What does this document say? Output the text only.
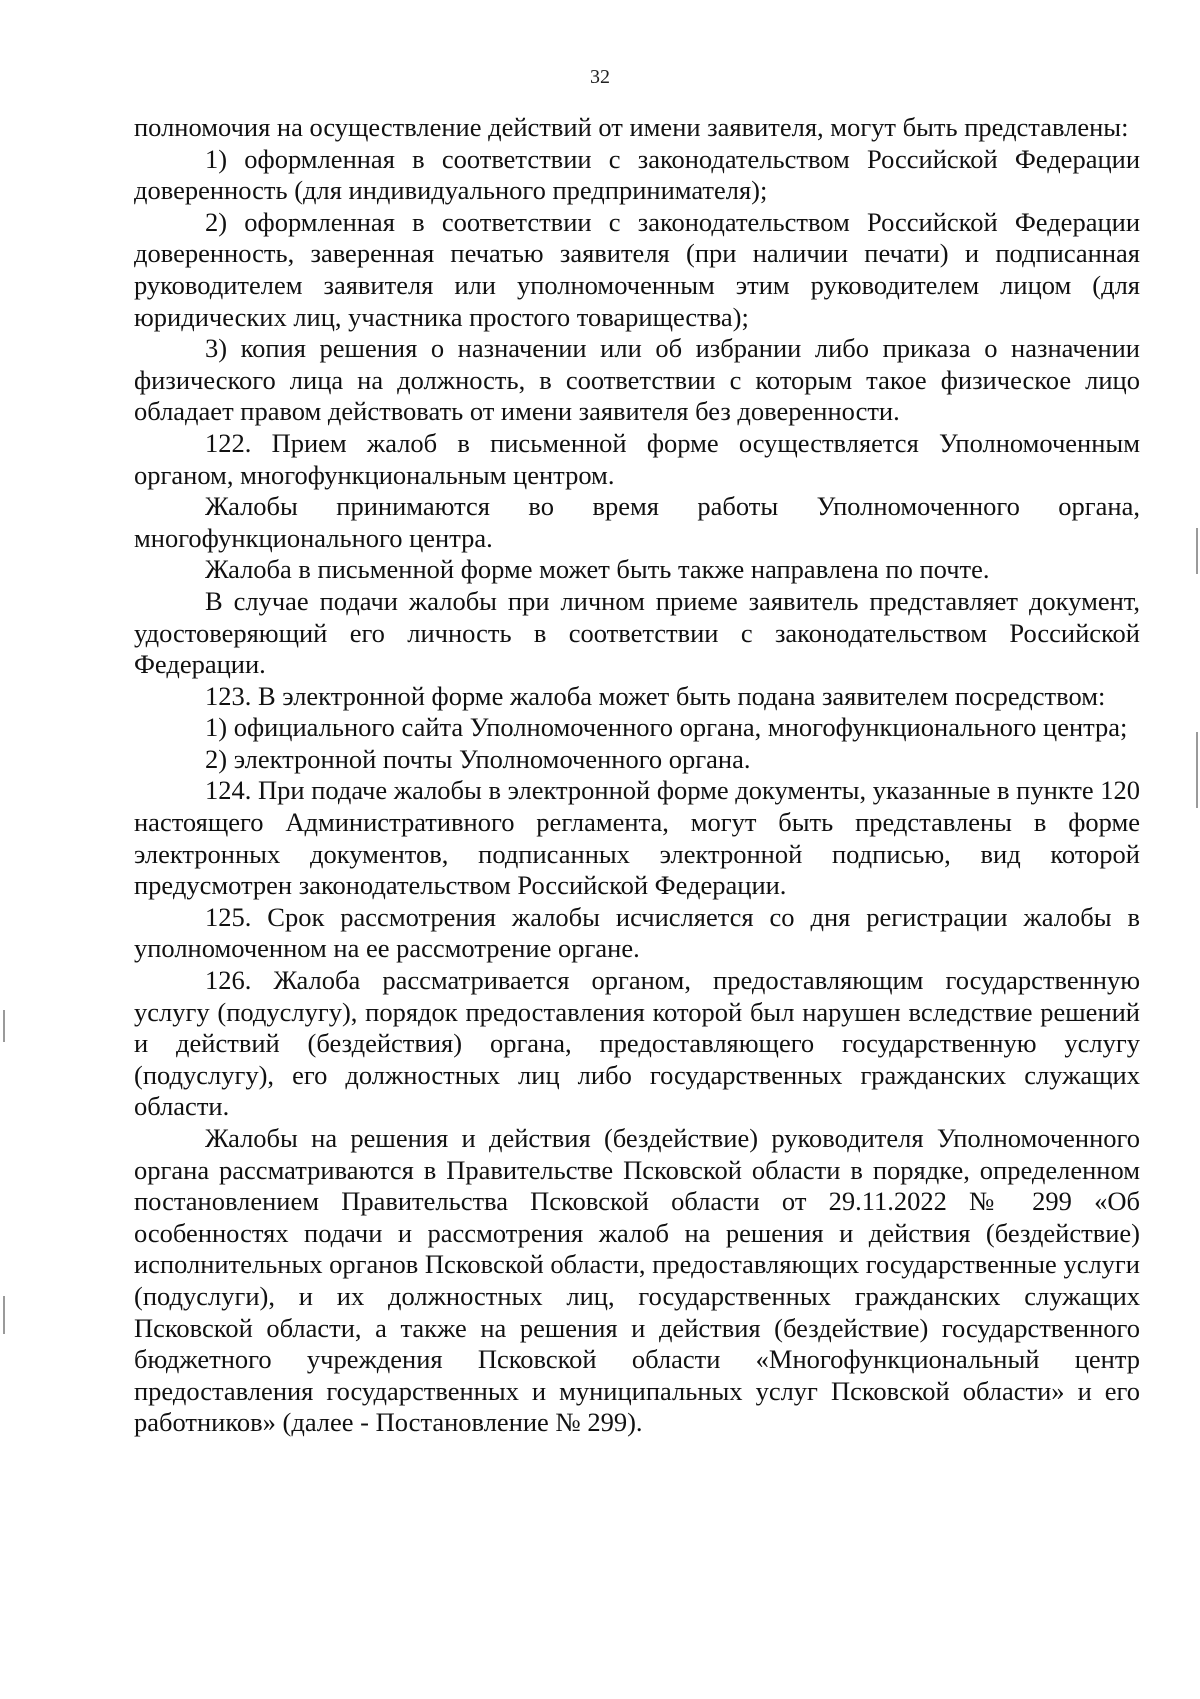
32

полномочия на осуществление действий от имени заявителя, могут быть представлены:

1) оформленная в соответствии с законодательством Российской Федерации доверенность (для индивидуального предпринимателя);

2) оформленная в соответствии с законодательством Российской Федерации доверенность, заверенная печатью заявителя (при наличии печати) и подписанная руководителем заявителя или уполномоченным этим руководителем лицом (для юридических лиц, участника простого товарищества);

3) копия решения о назначении или об избрании либо приказа о назначении физического лица на должность, в соответствии с которым такое физическое лицо обладает правом действовать от имени заявителя без доверенности.

122. Прием жалоб в письменной форме осуществляется Уполномоченным органом, многофункциональным центром.

Жалобы принимаются во время работы Уполномоченного органа, многофункционального центра.

Жалоба в письменной форме может быть также направлена по почте.

В случае подачи жалобы при личном приеме заявитель представляет документ, удостоверяющий его личность в соответствии с законодательством Российской Федерации.

123. В электронной форме жалоба может быть подана заявителем посредством:

1) официального сайта Уполномоченного органа, многофункционального центра;

2) электронной почты Уполномоченного органа.

124. При подаче жалобы в электронной форме документы, указанные в пункте 120 настоящего Административного регламента, могут быть представлены в форме электронных документов, подписанных электронной подписью, вид которой предусмотрен законодательством Российской Федерации.

125. Срок рассмотрения жалобы исчисляется со дня регистрации жалобы в уполномоченном на ее рассмотрение органе.

126. Жалоба рассматривается органом, предоставляющим государственную услугу (подуслугу), порядок предоставления которой был нарушен вследствие решений и действий (бездействия) органа, предоставляющего государственную услугу (подуслугу), его должностных лиц либо государственных гражданских служащих области.

Жалобы на решения и действия (бездействие) руководителя Уполномоченного органа рассматриваются в Правительстве Псковской области в порядке, определенном постановлением Правительства Псковской области от 29.11.2022 № 299 «Об особенностях подачи и рассмотрения жалоб на решения и действия (бездействие) исполнительных органов Псковской области, предоставляющих государственные услуги (подуслуги), и их должностных лиц, государственных гражданских служащих Псковской области, а также на решения и действия (бездействие) государственного бюджетного учреждения Псковской области «Многофункциональный центр предоставления государственных и муниципальных услуг Псковской области» и его работников» (далее - Постановление № 299).
